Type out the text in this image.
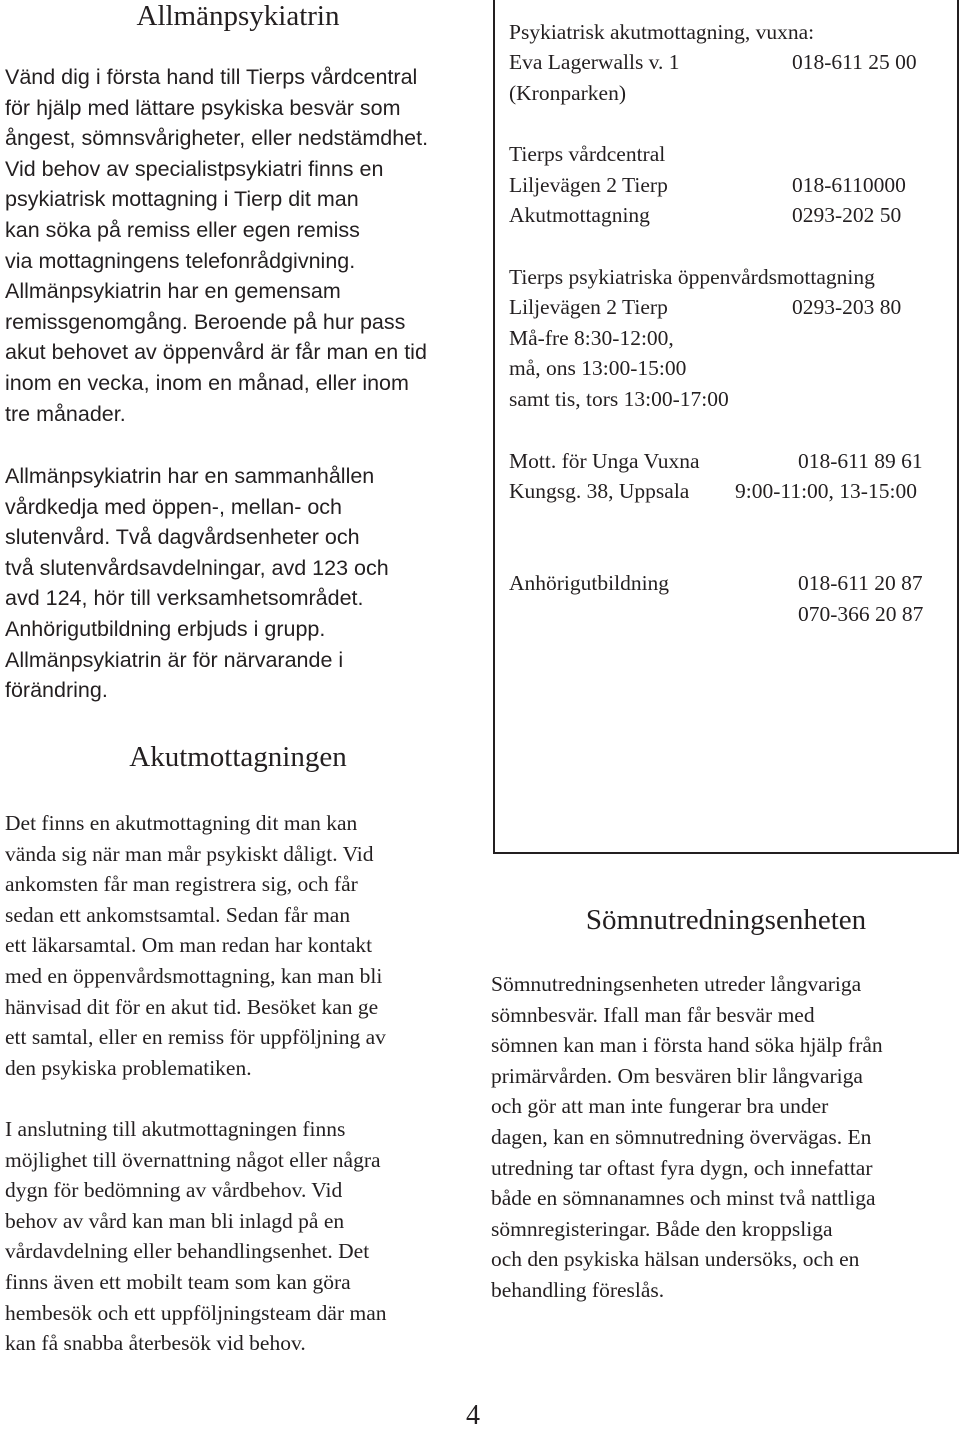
Allmänpsykiatrin

Vänd dig i första hand till Tierps vårdcentral
för hjälp med lättare psykiska besvär som
ångest, sömnsvårigheter, eller nedstämdhet.
Vid behov av specialistpsykiatri finns en
psykiatrisk mottagning i Tierp dit man
kan söka på remiss eller egen remiss
via mottagningens telefonrådgivning.
Allmänpsykiatrin har en gemensam
remissgenomgång. Beroende på hur pass
akut behovet av öppenvård är får man en tid
inom en vecka, inom en månad, eller inom
tre månader.

Allmänpsykiatrin har en sammanhållen
vårdkedja med öppen-, mellan- och
slutenvård. Två dagvårdsenheter och
två slutenvårdsavdelningar, avd 123 och
avd 124, hör till verksamhetsområdet.
Anhörigutbildning erbjuds i grupp.
Allmänpsykiatrin är för närvarande i
förändring.

Akutmottagningen

Det finns en akutmottagning dit man kan
vända sig när man mår psykiskt dåligt. Vid
ankomsten får man registrera sig, och får
sedan ett ankomstsamtal. Sedan får man
ett läkarsamtal. Om man redan har kontakt
med en öppenvårdsmottagning, kan man bli
hänvisad dit för en akut tid. Besöket kan ge
ett samtal, eller en remiss för uppföljning av
den psykiska problematiken.

I anslutning till akutmottagningen finns
möjlighet till övernattning något eller några
dygn för bedömning av vårdbehov. Vid
behov av vård kan man bli inlagd på en
vårdavdelning eller behandlingsenhet. Det
finns även ett mobilt team som kan göra
hembesök och ett uppföljningsteam där man
kan få snabba återbesök vid behov.

4
Psykiatrisk akutmottagning, vuxna:
Eva Lagerwalls v. 1	018-611 25 00
(Kronparken)
Tierps vårdcentral
Liljevägen 2 Tierp	018-6110000
Akutmottagning	0293-202 50
Tierps psykiatriska öppenvårdsmottagning
Liljevägen 2 Tierp	0293-203 80
Må-fre 8:30-12:00,
må, ons 13:00-15:00
samt tis, tors 13:00-17:00
Mott. för Unga Vuxna	018-611 89 61
Kungsg. 38, Uppsala 9:00-11:00, 13-15:00
Anhörigutbildning	018-611 20 87
070-366 20 87
Sömnutredningsenheten

Sömnutredningsenheten utreder långvariga
sömnbesvär. Ifall man får besvär med
sömnen kan man i första hand söka hjälp från
primärvården. Om besvären blir långvariga
och gör att man inte fungerar bra under
dagen, kan en sömnutredning övervägas. En
utredning tar oftast fyra dygn, och innefattar
både en sömnanamnes och minst två nattliga
sömnregisteringar. Både den kroppsliga
och den psykiska hälsan undersöks, och en
behandling föreslås.
